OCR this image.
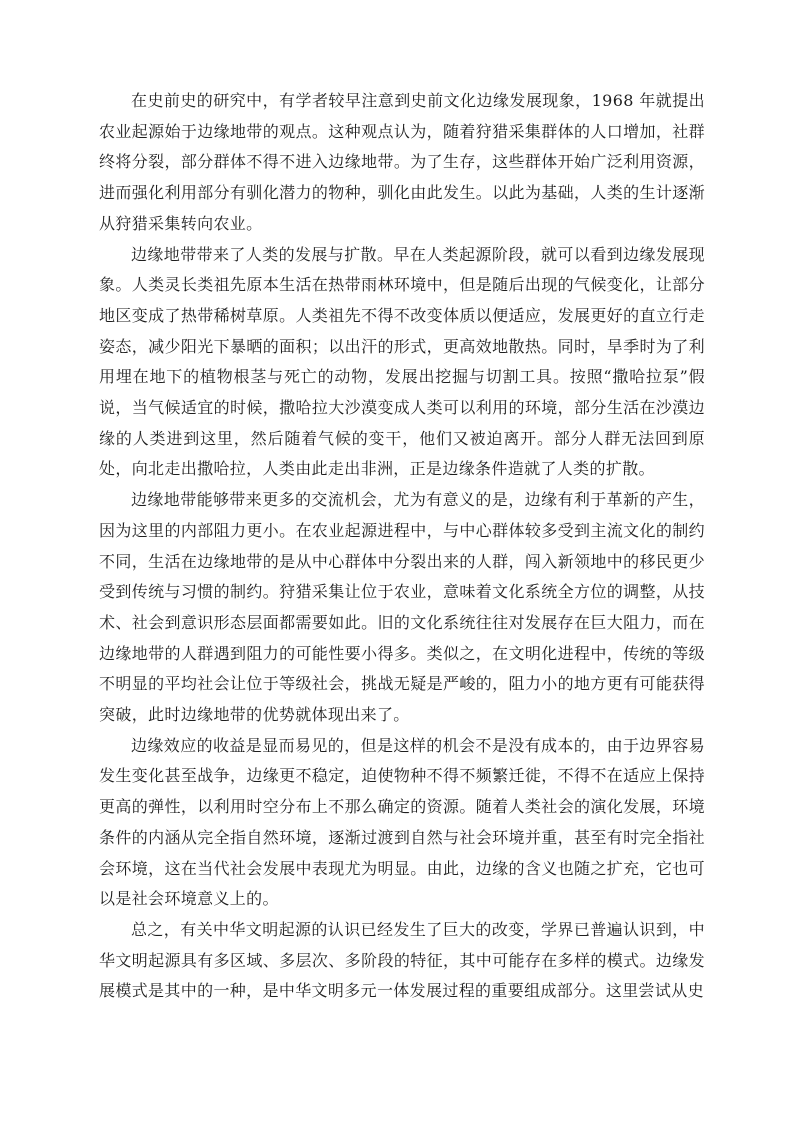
在史前史的研究中，有学者较早注意到史前文化边缘发展现象，1968 年就提出农业起源始于边缘地带的观点。这种观点认为，随着狩猎采集群体的人口增加，社群终将分裂，部分群体不得不进入边缘地带。为了生存，这些群体开始广泛利用资源，进而强化利用部分有驯化潜力的物种，驯化由此发生。以此为基础，人类的生计逐渐从狩猎采集转向农业。

边缘地带带来了人类的发展与扩散。早在人类起源阶段，就可以看到边缘发展现象。人类灵长类祖先原本生活在热带雨林环境中，但是随后出现的气候变化，让部分地区变成了热带稀树草原。人类祖先不得不改变体质以便适应，发展更好的直立行走姿态，减少阳光下暴晒的面积；以出汗的形式，更高效地散热。同时，旱季时为了利用埋在地下的植物根茎与死亡的动物，发展出挖掘与切割工具。按照“撒哈拉泵”假说，当气候适宜的时候，撒哈拉大沙漠变成人类可以利用的环境，部分生活在沙漠边缘的人类进到这里，然后随着气候的变干，他们又被迫离开。部分人群无法回到原处，向北走出撒哈拉，人类由此走出非洲，正是边缘条件造就了人类的扩散。

边缘地带能够带来更多的交流机会，尤为有意义的是，边缘有利于革新的产生，因为这里的内部阻力更小。在农业起源进程中，与中心群体较多受到主流文化的制约不同，生活在边缘地带的是从中心群体中分裂出来的人群，闯入新领地中的移民更少受到传统与习惯的制约。狩猎采集让位于农业，意味着文化系统全方位的调整，从技术、社会到意识形态层面都需要如此。旧的文化系统往往对发展存在巨大阻力，而在边缘地带的人群遇到阻力的可能性要小得多。类似之，在文明化进程中，传统的等级不明显的平均社会让位于等级社会，挑战无疑是严峻的，阻力小的地方更有可能获得突破，此时边缘地带的优势就体现出来了。

边缘效应的收益是显而易见的，但是这样的机会不是没有成本的，由于边界容易发生变化甚至战争，边缘更不稳定，迫使物种不得不频繁迁徙，不得不在适应上保持更高的弹性，以利用时空分布上不那么确定的资源。随着人类社会的演化发展，环境条件的内涵从完全指自然环境，逐渐过渡到自然与社会环境并重，甚至有时完全指社会环境，这在当代社会发展中表现尤为明显。由此，边缘的含义也随之扩充，它也可以是社会环境意义上的。

总之，有关中华文明起源的认识已经发生了巨大的改变，学界已普遍认识到，中华文明起源具有多区域、多层次、多阶段的特征，其中可能存在多样的模式。边缘发展模式是其中的一种，是中华文明多元一体发展过程的重要组成部分。这里尝试从史
